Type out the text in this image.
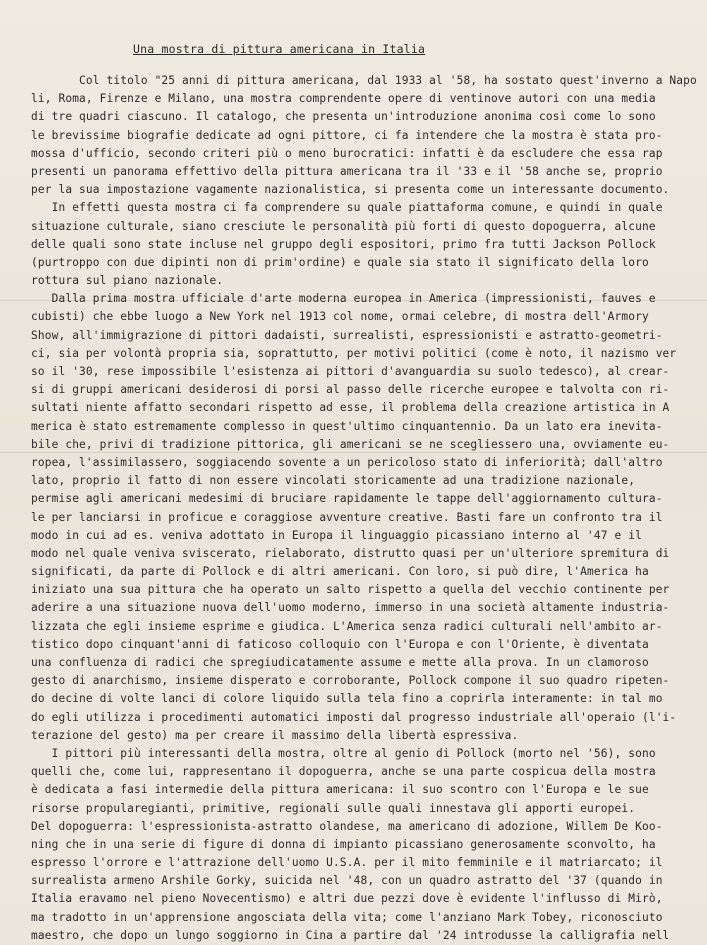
Una mostra di pittura americana in Italia
Col titolo "25 anni di pittura americana, dal 1933 al '58, ha sostato quest'inverno a Napo
li, Roma, Firenze e Milano, una mostra comprendente opere di ventinove autori con una media
di tre quadri ciascuno. Il catalogo, che presenta un'introduzione anonima così come lo sono
le brevissime biografie dedicate ad ogni pittore, ci fa intendere che la mostra è stata pro-
mossa d'ufficio, secondo criteri più o meno burocratici: infatti è da escludere che essa rap
presenti un panorama effettivo della pittura americana tra il '33 e il '58 anche se, proprio
per la sua impostazione vagamente nazionalistica, si presenta come un interessante documento.
In effetti questa mostra ci fa comprendere su quale piattaforma comune, e quindi in quale
situazione culturale, siano cresciute le personalità più forti di questo dopoguerra, alcune
delle quali sono state incluse nel gruppo degli espositori, primo fra tutti Jackson Pollock
(purtroppo con due dipinti non di prim'ordine) e quale sia stato il significato della loro
rottura sul piano nazionale.
Dalla prima mostra ufficiale d'arte moderna europea in America (impressionisti, fauves e
cubisti) che ebbe luogo a New York nel 1913 col nome, ormai celebre, di mostra dell'Armory
Show, all'immigrazione di pittori dadaisti, surrealisti, espressionisti e astratto-geometri-
ci, sia per volontà propria sia, soprattutto, per motivi politici (come è noto, il nazismo ver
so il '30, rese impossibile l'esistenza ai pittori d'avanguardia su suolo tedesco), al crear-
si di gruppi americani desiderosi di porsi al passo delle ricerche europee e talvolta con ri-
sultati niente affatto secondari rispetto ad esse, il problema della creazione artistica in A
merica è stato estremamente complesso in quest'ultimo cinquantennio. Da un lato era inevita-
bile che, privi di tradizione pittorica, gli americani se ne scegliessero una, ovviamente eu-
ropea, l'assimilassero, soggiacendo sovente a un pericoloso stato di inferiorità; dall'altro
lato, proprio il fatto di non essere vincolati storicamente ad una tradizione nazionale,
permise agli americani medesimi di bruciare rapidamente le tappe dell'aggiornamento cultura-
le per lanciarsi in proficue e coraggiose avventure creative. Basti fare un confronto tra il
modo in cui ad es. veniva adottato in Europa il linguaggio picassiano interno al '47 e il
modo nel quale veniva sviscerato, rielaborato, distrutto quasi per un'ulteriore spremitura di
significati, da parte di Pollock e di altri americani. Con loro, si può dire, l'America ha
iniziato una sua pittura che ha operato un salto rispetto a quella del vecchio continente per
aderire a una situazione nuova dell'uomo moderno, immerso in una società altamente industria-
lizzata che egli insieme esprime e giudica. L'America senza radici culturali nell'ambito ar-
tistico dopo cinquant'anni di faticoso colloquio con l'Europa e con l'Oriente, è diventata
una confluenza di radici che spregiudicatamente assume e mette alla prova. In un clamoroso
gesto di anarchismo, insieme disperato e corroborante, Pollock compone il suo quadro ripeten-
do decine di volte lanci di colore liquido sulla tela fino a coprirla interamente: in tal mo
do egli utilizza i procedimenti automatici imposti dal progresso industriale all'operaio (l'i-
terazione del gesto) ma per creare il massimo della libertà espressiva.
I pittori più interessanti della mostra, oltre al genio di Pollock (morto nel '56), sono
quelli che, come lui, rappresentano il dopoguerra, anche se una parte cospicua della mostra
è dedicata a fasi intermedie della pittura americana: il suo scontro con l'Europa e le sue
risorse propularegianti, primitive, regionali sulle quali innestava gli apporti europei.
Del dopoguerra: l'espressionista-astratto olandese, ma americano di adozione, Willem De Koo-
ning che in una serie di figure di donna di impianto picassiano generosamente sconvolto, ha
espresso l'orrore e l'attrazione dell'uomo U.S.A. per il mito femminile e il matriarcato; il
surrealista armeno Arshile Gorky, suicida nel '48, con un quadro astratto del '37 (quando in
Italia eravamo nel pieno Novecentismo) e altri due pezzi dove è evidente l'influsso di Mirò,
ma tradotto in un'apprensione angosciata della vita; come l'anziano Mark Tobey, riconosciuto
maestro, che dopo un lungo soggiorno in Cina a partire dal '24 introdusse la calligrafia nell
